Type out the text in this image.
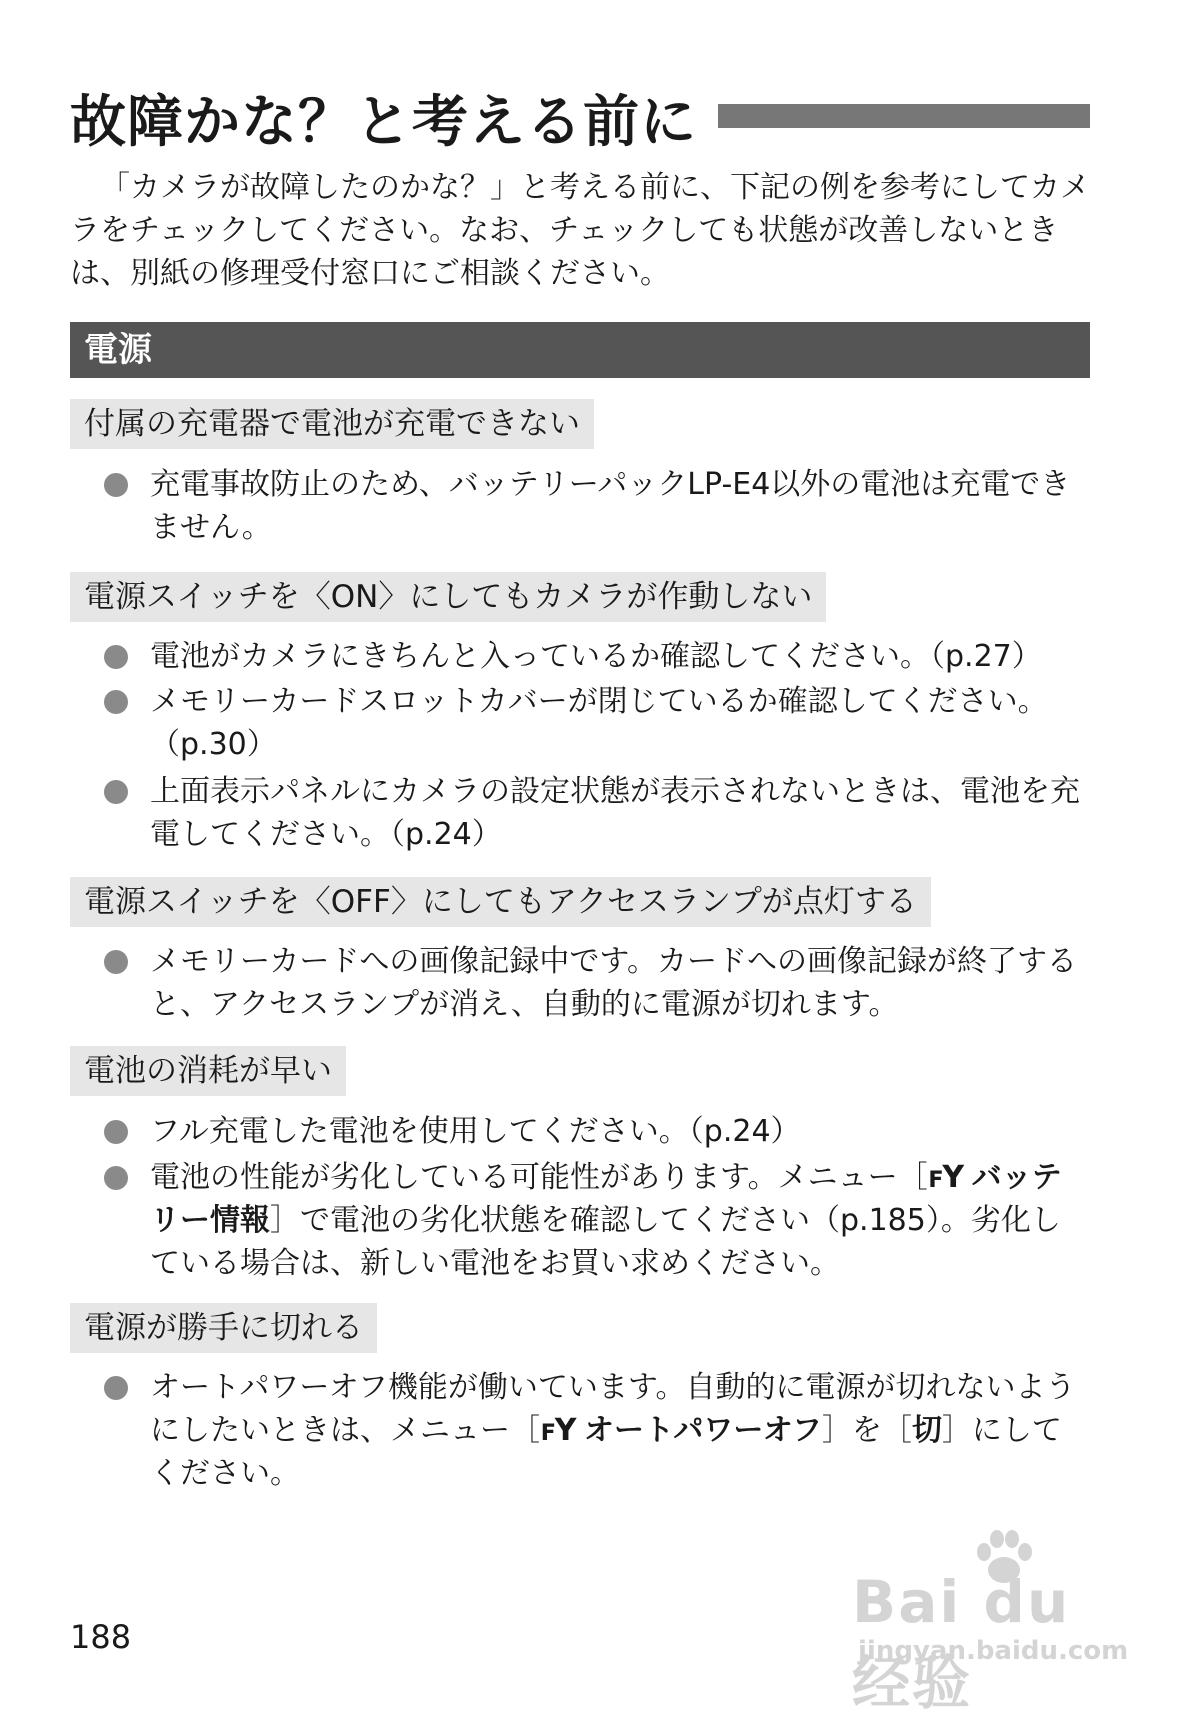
故障かな？と考える前に
「カメラが故障したのかな？」と考える前に、下記の例を参考にしてカメラをチェックしてください。なお、チェックしても状態が改善しないときは、別紙の修理受付窓口にご相談ください。
電源
付属の充電器で電池が充電できない
充電事故防止のため、バッテリーパックLP-E4以外の電池は充電できません。
電源スイッチを〈ON〉にしてもカメラが作動しない
電池がカメラにきちんと入っているか確認してください。（p.27）
メモリーカードスロットカバーが閉じているか確認してください。（p.30）
上面表示パネルにカメラの設定状態が表示されないときは、電池を充電してください。（p.24）
電源スイッチを〈OFF〉にしてもアクセスランプが点灯する
メモリーカードへの画像記録中です。カードへの画像記録が終了すると、アクセスランプが消え、自動的に電源が切れます。
電池の消耗が早い
フル充電した電池を使用してください。（p.24）
電池の性能が劣化している可能性があります。メニュー［ꜰY バッテリー情報］で電池の劣化状態を確認してください（p.185）。劣化している場合は、新しい電池をお買い求めください。
電源が勝手に切れる
オートパワーオフ機能が働いています。自動的に電源が切れないようにしたいときは、メニュー［ꜰY オートパワーオフ］を［切］にしてください。
188
Bai du 经验
jingyan.baidu.com
